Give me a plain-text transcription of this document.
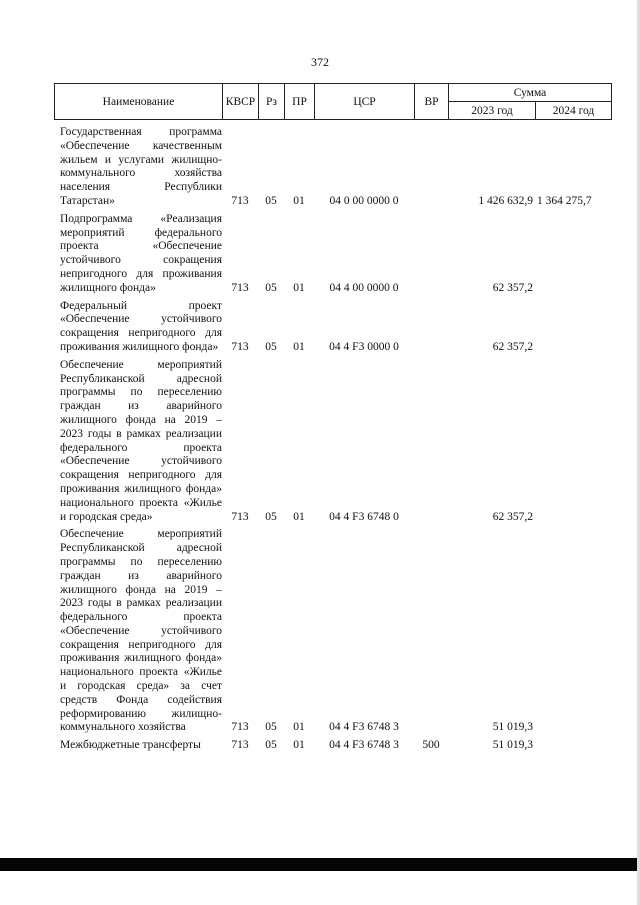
372
Наименование	КВСР	Рз	ПР	ЦСР	ВР	Сумма	
						2023 год	2024 год
Государственная программа «Обеспечение качественным жильем и услугами жилищно-коммунального хозяйства населения Республики Татарстан»	713	05	01	04 0 00 0000 0		1 426 632,9	1 364 275,7
Подпрограмма «Реализация мероприятий федерального проекта «Обеспечение устойчивого сокращения непригодного для проживания жилищного фонда»	713	05	01	04 4 00 0000 0		62 357,2	
Федеральный проект «Обеспечение устойчивого сокращения непригодного для проживания жилищного фонда»	713	05	01	04 4 F3 0000 0		62 357,2	
Обеспечение мероприятий Республиканской адресной программы по переселению граждан из аварийного жилищного фонда на 2019 – 2023 годы в рамках реализации федерального проекта «Обеспечение устойчивого сокращения непригодного для проживания жилищного фонда» национального проекта «Жилье и городская среда»	713	05	01	04 4 F3 6748 0		62 357,2	
Обеспечение мероприятий Республиканской адресной программы по переселению граждан из аварийного жилищного фонда на 2019 – 2023 годы в рамках реализации федерального проекта «Обеспечение устойчивого сокращения непригодного для проживания жилищного фонда» национального проекта «Жилье и городская среда» за счет средств Фонда содействия реформированию жилищно-коммунального хозяйства	713	05	01	04 4 F3 6748 3		51 019,3	
Межбюджетные трансферты	713	05	01	04 4 F3 6748 3	500	51 019,3	
